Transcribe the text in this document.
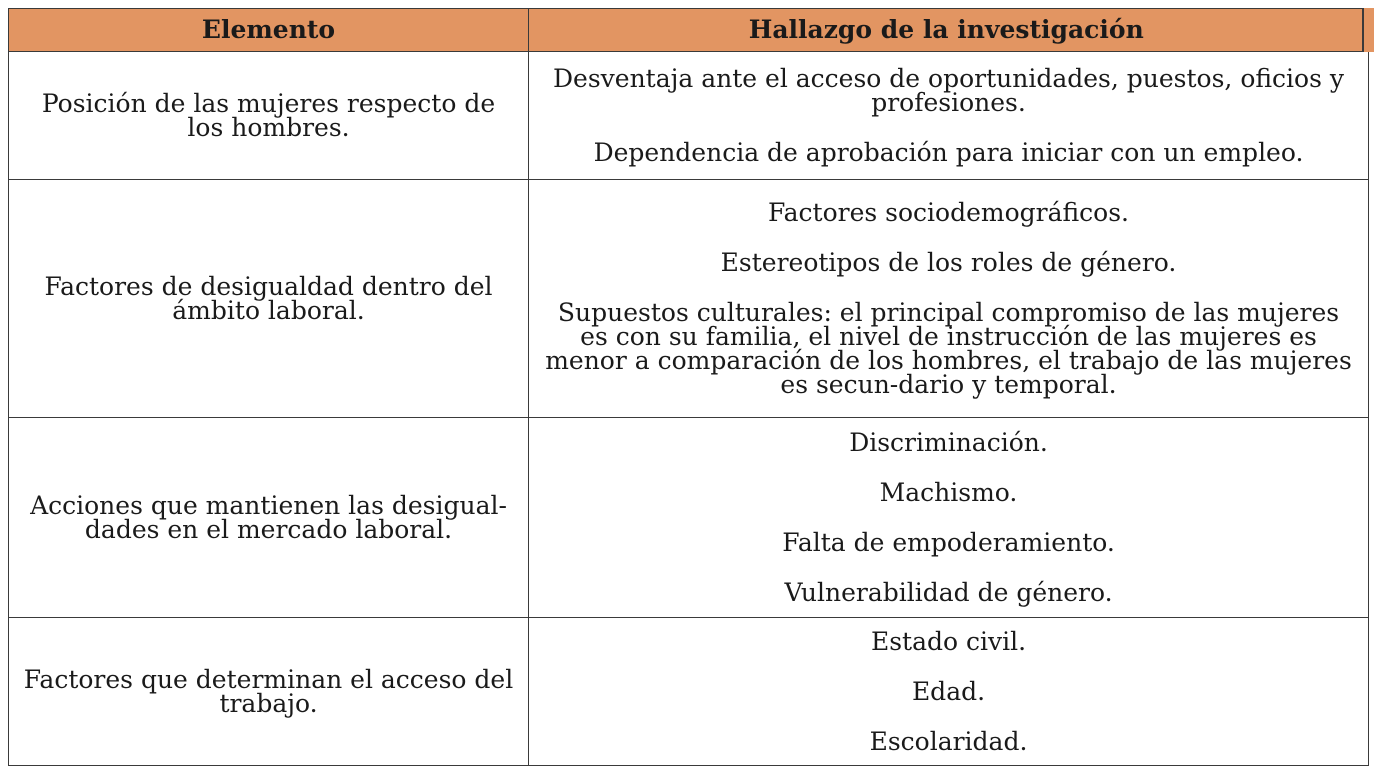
Elemento	Hallazgo de la investigación
Posición de las mujeres respecto de los hombres.	Desventaja ante el acceso de oportunidades, puestos, oficios y profesiones.
Dependencia de aprobación para iniciar con un empleo.

Factores de desigualdad dentro del ámbito laboral.	Factores sociodemográficos.
Estereotipos de los roles de género.
Supuestos culturales: el principal compromiso de las mujeres es con su familia, el nivel de instrucción de las mujeres es menor a comparación de los hombres, el trabajo de las mujeres es secun-dario y temporal.

Acciones que mantienen las desigual-dades en el mercado laboral.	Discriminación.
Machismo.
Falta de empoderamiento.
Vulnerabilidad de género.

Factores que determinan el acceso del trabajo.	Estado civil.
Edad.
Escolaridad.
